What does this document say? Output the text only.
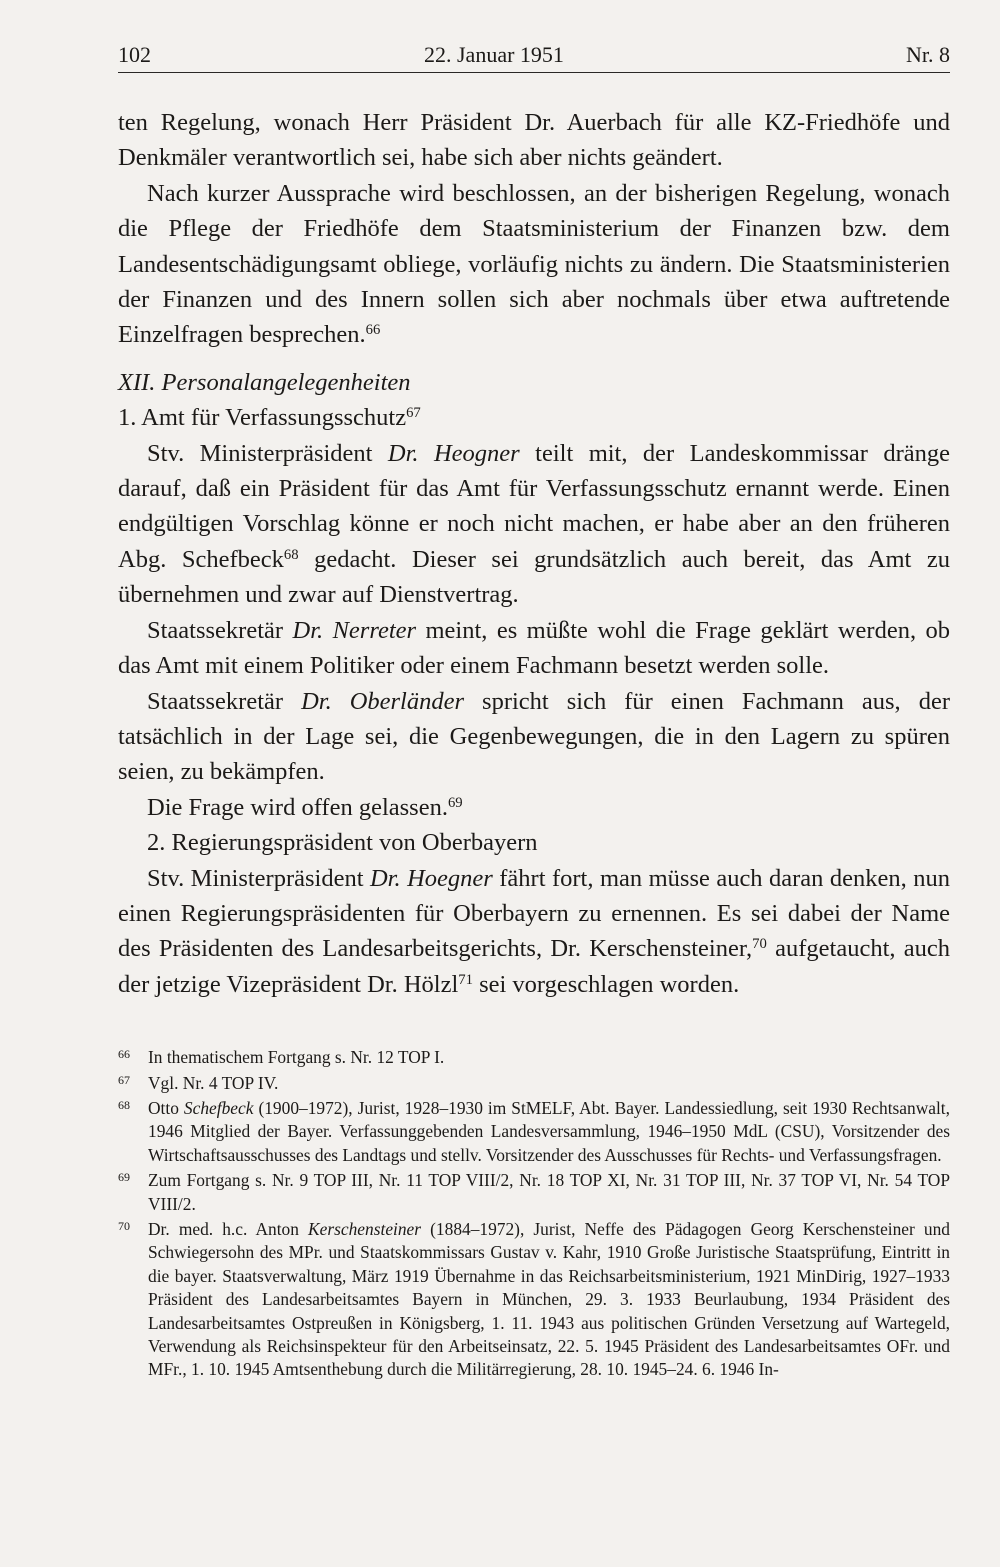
102	22. Januar 1951	Nr. 8

ten Regelung, wonach Herr Präsident Dr. Auerbach für alle KZ-Friedhöfe und Denkmäler verantwortlich sei, habe sich aber nichts geändert.

Nach kurzer Aussprache wird beschlossen, an der bisherigen Regelung, wonach die Pflege der Friedhöfe dem Staatsministerium der Finanzen bzw. dem Landesentschädigungsamt obliege, vorläufig nichts zu ändern. Die Staatsministerien der Finanzen und des Innern sollen sich aber nochmals über etwa auftretende Einzelfragen besprechen.$^{66}$

XII. Personalangelegenheiten

1. Amt für Verfassungsschutz$^{67}$

Stv. Ministerpräsident Dr. Heogner teilt mit, der Landeskommissar dränge darauf, daß ein Präsident für das Amt für Verfassungsschutz ernannt werde. Einen endgültigen Vorschlag könne er noch nicht machen, er habe aber an den früheren Abg. Schefbeck$^{68}$ gedacht. Dieser sei grundsätzlich auch bereit, das Amt zu übernehmen und zwar auf Dienstvertrag.

Staatssekretär Dr. Nerreter meint, es müßte wohl die Frage geklärt werden, ob das Amt mit einem Politiker oder einem Fachmann besetzt werden solle.

Staatssekretär Dr. Oberländer spricht sich für einen Fachmann aus, der tatsächlich in der Lage sei, die Gegenbewegungen, die in den Lagern zu spüren seien, zu bekämpfen.

Die Frage wird offen gelassen.$^{69}$

2. Regierungspräsident von Oberbayern

Stv. Ministerpräsident Dr. Hoegner fährt fort, man müsse auch daran denken, nun einen Regierungspräsidenten für Oberbayern zu ernennen. Es sei dabei der Name des Präsidenten des Landesarbeitsgerichts, Dr. Kerschensteiner,$^{70}$ aufgetaucht, auch der jetzige Vizepräsident Dr. Hölzl$^{71}$ sei vorgeschlagen worden.

66 In thematischem Fortgang s. Nr. 12 TOP I.

67 Vgl. Nr. 4 TOP IV.

68 Otto Schefbeck (1900–1972), Jurist, 1928–1930 im StMELF, Abt. Bayer. Landessiedlung, seit 1930 Rechtsanwalt, 1946 Mitglied der Bayer. Verfassunggebenden Landesversammlung, 1946–1950 MdL (CSU), Vorsitzender des Wirtschaftsausschusses des Landtags und stellv. Vorsitzender des Ausschusses für Rechts- und Verfassungsfragen.

69 Zum Fortgang s. Nr. 9 TOP III, Nr. 11 TOP VIII/2, Nr. 18 TOP XI, Nr. 31 TOP III, Nr. 37 TOP VI, Nr. 54 TOP VIII/2.

70 Dr. med. h.c. Anton Kerschensteiner (1884–1972), Jurist, Neffe des Pädagogen Georg Kerschensteiner und Schwiegersohn des MPr. und Staatskommissars Gustav v. Kahr, 1910 Große Juristische Staatsprüfung, Eintritt in die bayer. Staatsverwaltung, März 1919 Übernahme in das Reichsarbeitsministerium, 1921 MinDirig, 1927–1933 Präsident des Landesarbeitsamtes Bayern in München, 29. 3. 1933 Beurlaubung, 1934 Präsident des Landesarbeitsamtes Ostpreußen in Königsberg, 1. 11. 1943 aus politischen Gründen Versetzung auf Wartegeld, Verwendung als Reichsinspekteur für den Arbeitseinsatz, 22. 5. 1945 Präsident des Landesarbeitsamtes OFr. und MFr., 1. 10. 1945 Amtsenthebung durch die Militärregierung, 28. 10. 1945–24. 6. 1946 In-
